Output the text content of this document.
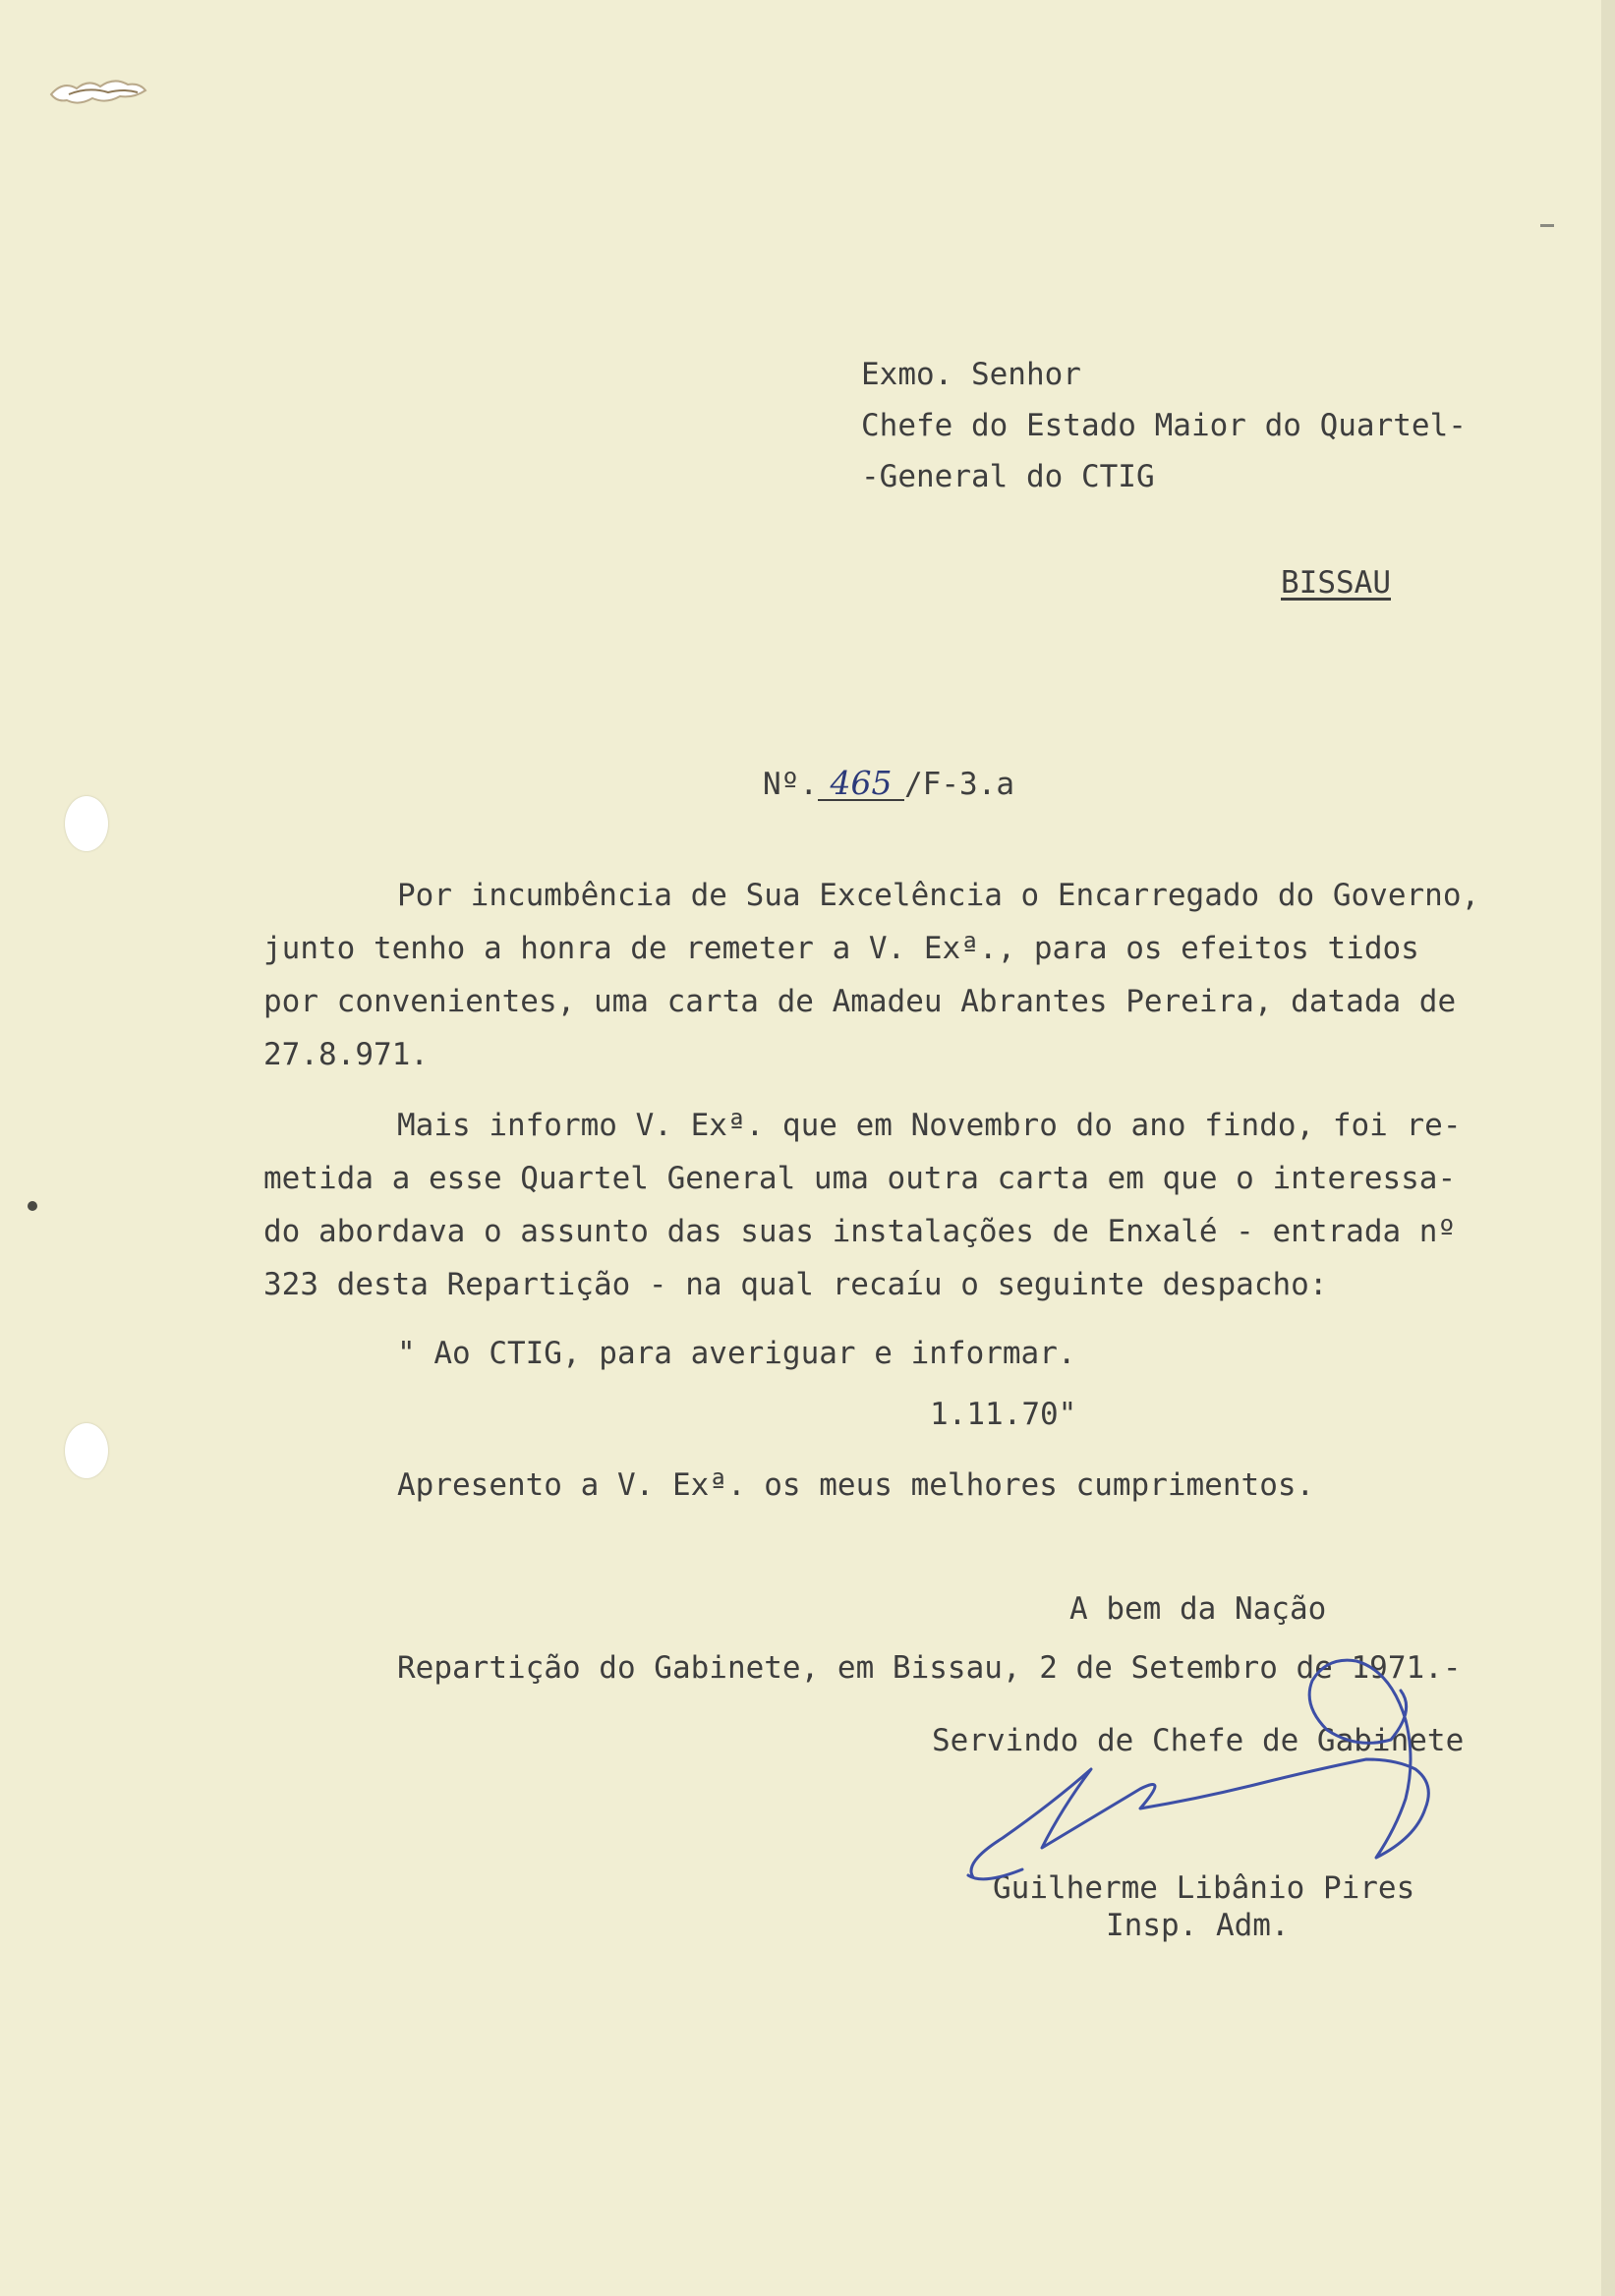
Exmo. Senhor
Chefe do Estado Maior do Quartel-
-General do CTIG
BISSAU
Nº. 465 /F-3.a
Por incumbência de Sua Excelência o Encarregado do Governo,
junto tenho a honra de remeter a V. Exª., para os efeitos tidos
por convenientes, uma carta de Amadeu Abrantes Pereira, datada de
27.8.971.
Mais informo V. Exª. que em Novembro do ano findo, foi re-
metida a esse Quartel General uma outra carta em que o interessa-
do abordava o assunto das suas instalações de Enxalé - entrada nº
323 desta Repartição - na qual recaíu o seguinte despacho:
" Ao CTIG, para averiguar e informar.
1.11.70"
Apresento a V. Exª. os meus melhores cumprimentos.
A bem da Nação
Repartição do Gabinete, em Bissau, 2 de Setembro de 1971.-
Servindo de Chefe de Gabinete
Guilherme Libânio Pires
Insp. Adm.
